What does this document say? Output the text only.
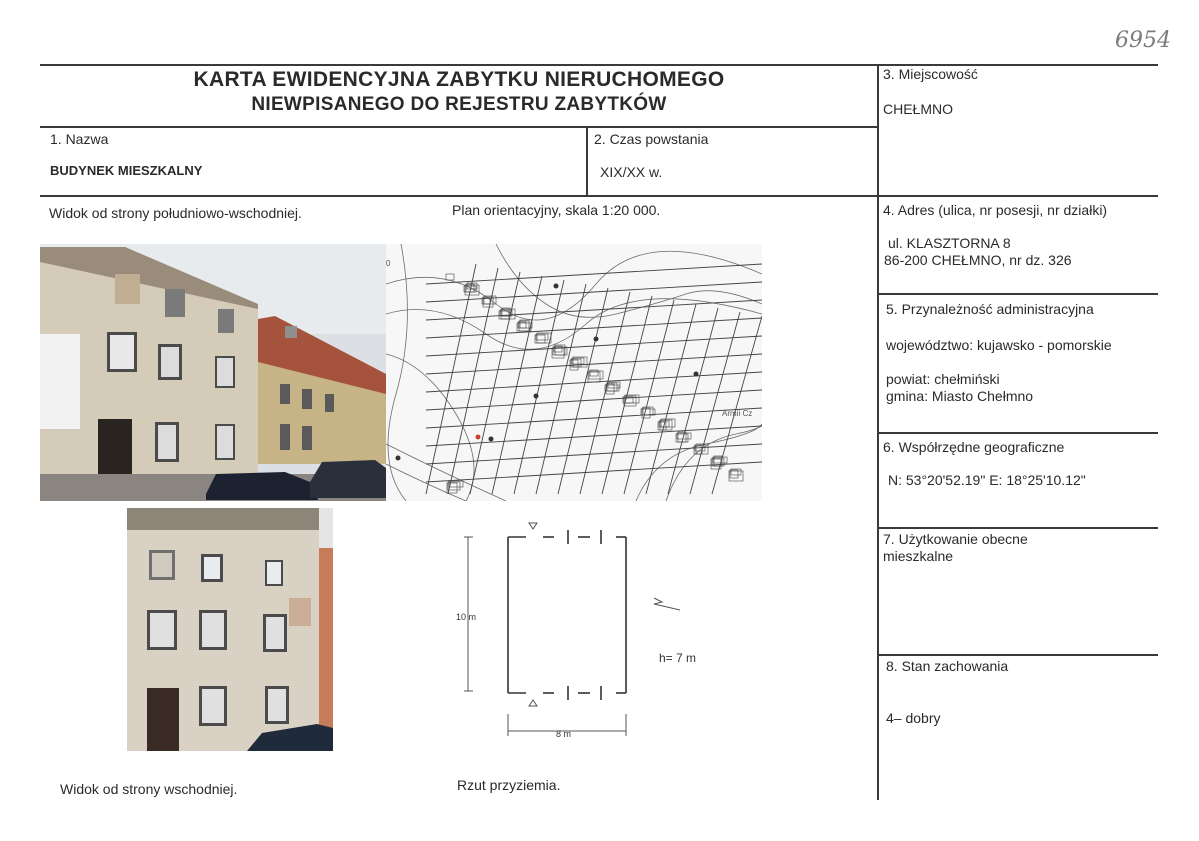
6954
KARTA EWIDENCYJNA ZABYTKU NIERUCHOMEGO
NIEWPISANEGO DO REJESTRU ZABYTKÓW
1. Nazwa
BUDYNEK MIESZKALNY
2. Czas powstania
XIX/XX w.
3. Miejscowość
CHEŁMNO
4. Adres (ulica, nr posesji, nr działki)
ul. KLASZTORNA 8
86-200 CHEŁMNO, nr dz. 326
5. Przynależność administracyjna
województwo: kujawsko - pomorskie
powiat: chełmiński
gmina: Miasto Chełmno
6. Współrzędne geograficzne
N: 53°20'52.19" E: 18°25'10.12"
7. Użytkowanie obecne
mieszkalne
8. Stan zachowania
4– dobry
Widok od strony południowo-wschodniej.	Plan orientacyjny, skala 1:20 000.
Widok od strony wschodniej.	Rzut przyziemia.
0
Armii Cz
10 m
8 m
h= 7 m
